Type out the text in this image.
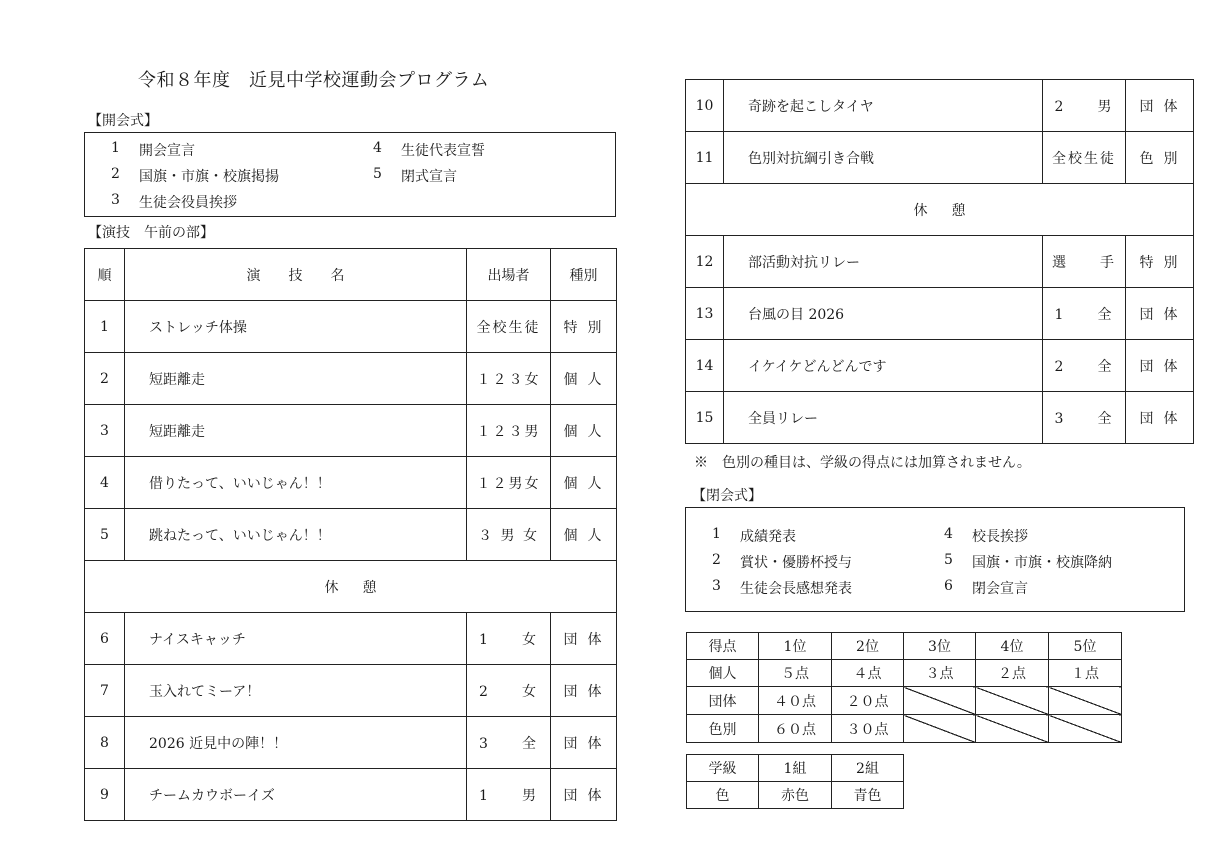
令和８年度　近見中学校運動会プログラム
【開会式】
1 開会宣言
2 国旗・市旗・校旗掲揚
3 生徒会役員挨拶
4 生徒代表宣誓
5 閉式宣言
【演技　午前の部】
順	演　　技　　名	出場者	種別
1	ストレッチ体操	全校生徒	特別
2	短距離走	１２３女	個人
3	短距離走	１２３男	個人
4	借りたって、いいじゃん！！	１２男女	個人
5	跳ねたって、いいじゃん！！	３ 男 女	個人
休憩			
6	ナイスキャッチ	1　　女	団体
7	玉入れてミーア！	2　　女	団体
8	2026 近見中の陣！！	3　　全	団体
9	チームカウボーイズ	1　　男	団体
10	奇跡を起こしタイヤ	2　　男	団体
11	色別対抗綱引き合戦	全校生徒	色別
休憩			
12	部活動対抗リレー	選　　手	特別
13	台風の目 2026	1　　全	団体
14	イケイケどんどんです	2　　全	団体
15	全員リレー	3　　全	団体
※　色別の種目は、学級の得点には加算されません。
【閉会式】
1 成績発表
2 賞状・優勝杯授与
3 生徒会長感想発表
4 校長挨拶
5 国旗・市旗・校旗降納
6 閉会宣言
得点	1位	2位	3位	4位	5位
個人	５点	４点	３点	２点	１点
団体	４０点	２０点			
色別	６０点	３０点			
学級	1組	2組
色	赤色	青色
